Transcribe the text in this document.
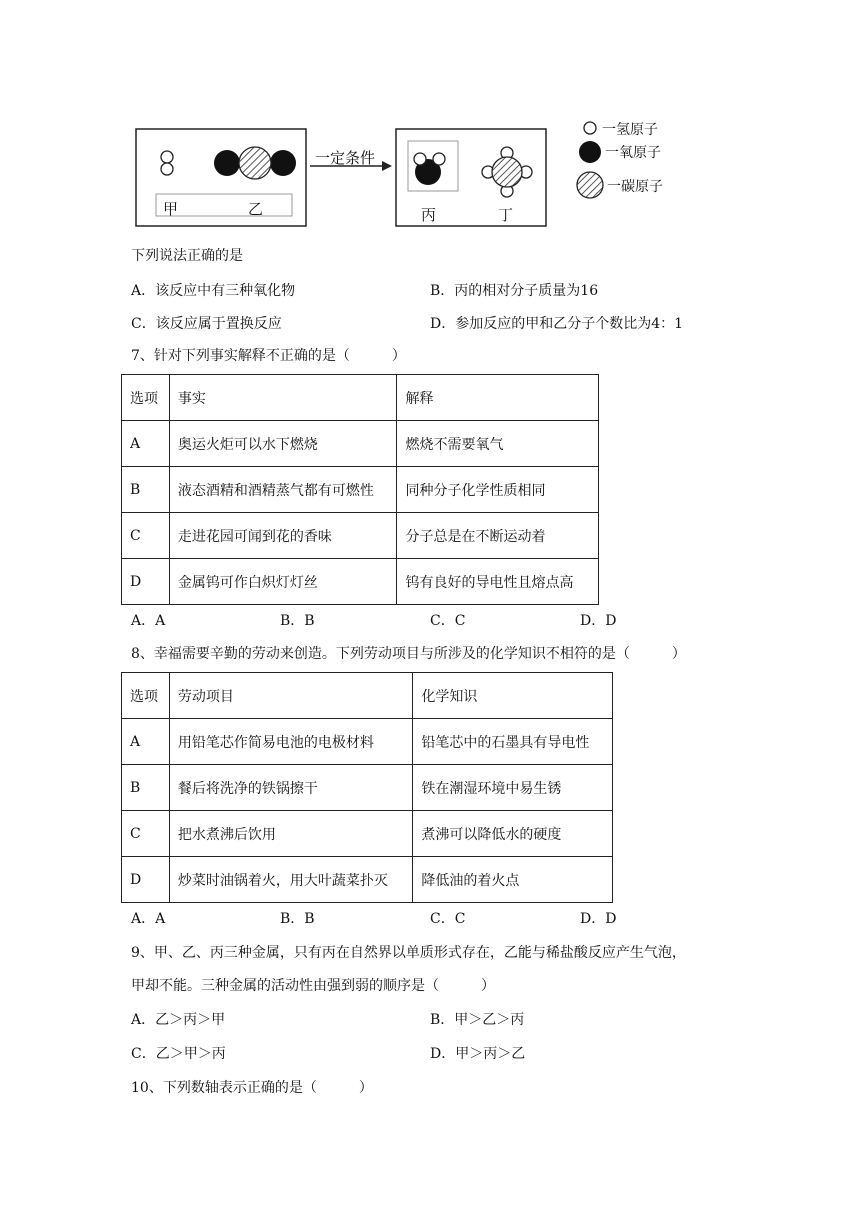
一定条件
甲	乙	丙	丁
一氢原子
一氧原子
一碳原子
下列说法正确的是
A．该反应中有三种氧化物	B．丙的相对分子质量为16
C．该反应属于置换反应	D．参加反应的甲和乙分子个数比为4：1
7、针对下列事实解释不正确的是（　　　）
选项	事实	解释
A	奥运火炬可以水下燃烧	燃烧不需要氧气
B	液态酒精和酒精蒸气都有可燃性	同种分子化学性质相同
C	走进花园可闻到花的香味	分子总是在不断运动着
D	金属钨可作白炽灯灯丝	钨有良好的导电性且熔点高
A．A	B．B	C．C	D．D
8、幸福需要辛勤的劳动来创造。下列劳动项目与所涉及的化学知识不相符的是（　　　）
选项	劳动项目	化学知识
A	用铅笔芯作简易电池的电极材料	铅笔芯中的石墨具有导电性
B	餐后将洗净的铁锅擦干	铁在潮湿环境中易生锈
C	把水煮沸后饮用	煮沸可以降低水的硬度
D	炒菜时油锅着火，用大叶蔬菜扑灭	降低油的着火点
A．A	B．B	C．C	D．D
9、甲、乙、丙三种金属，只有丙在自然界以单质形式存在，乙能与稀盐酸反应产生气泡，
甲却不能。三种金属的活动性由强到弱的顺序是（　　　）
A．乙＞丙＞甲	B．甲＞乙＞丙
C．乙＞甲＞丙	D．甲＞丙＞乙
10、下列数轴表示正确的是（　　　）
